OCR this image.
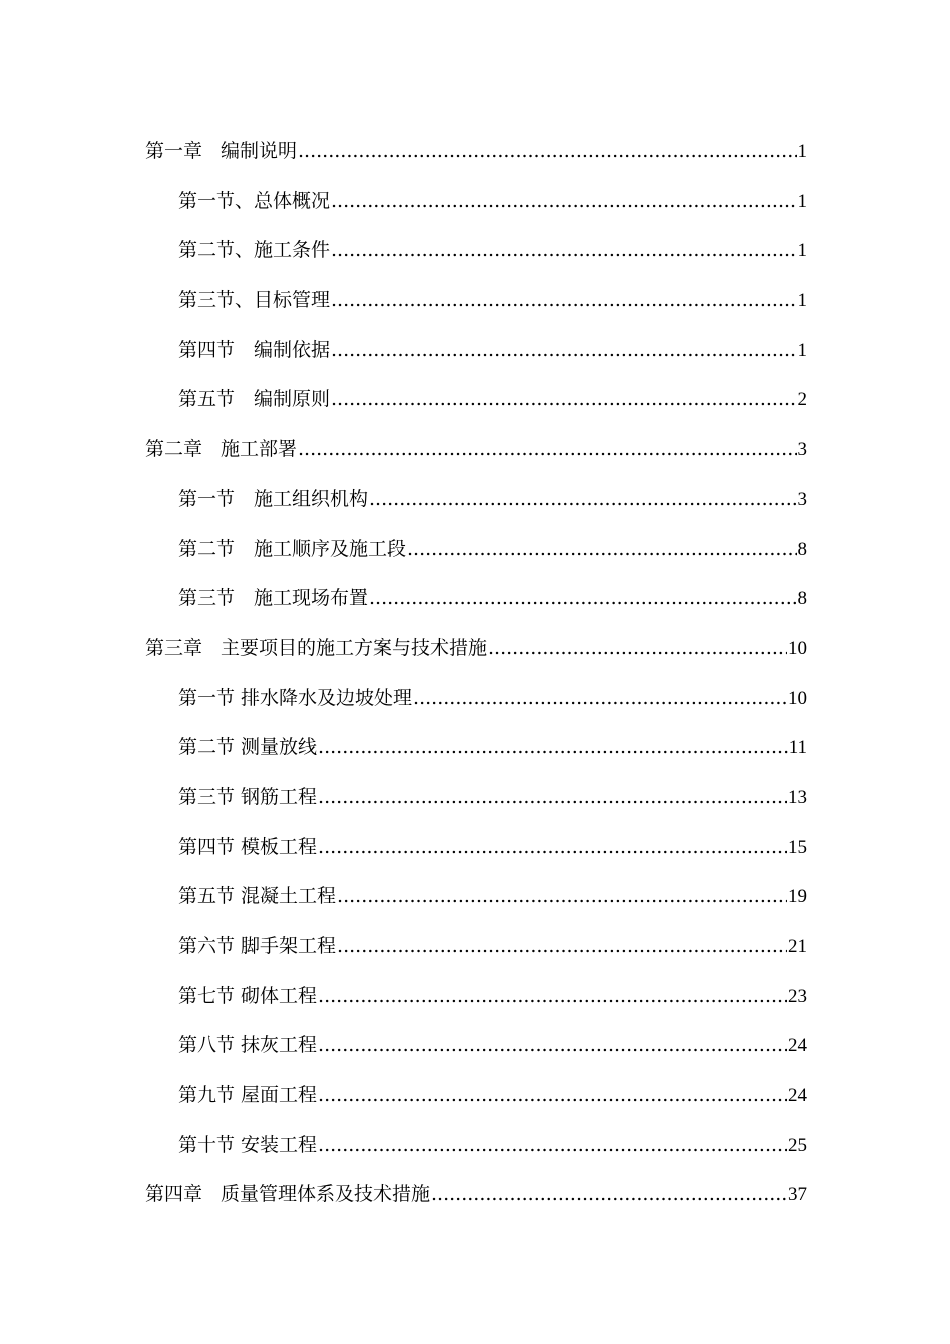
第一章　编制说明 .....	1
第一节、总体概况 .....	1
第二节、施工条件 .....	1
第三节、目标管理 .....	1
第四节　编制依据 .....	1
第五节　编制原则 .....	2
第二章　施工部署 .....	3
第一节　施工组织机构 .....	3
第二节　施工顺序及施工段 .....	8
第三节　施工现场布置 .....	8
第三章　主要项目的施工方案与技术措施 .....	10
第一节 排水降水及边坡处理 .....	10
第二节 测量放线 .....	11
第三节 钢筋工程 .....	13
第四节 模板工程 .....	15
第五节 混凝土工程 .....	19
第六节 脚手架工程 .....	21
第七节 砌体工程 .....	23
第八节 抹灰工程 .....	24
第九节 屋面工程 .....	24
第十节 安装工程 .....	25
第四章　质量管理体系及技术措施 .....	37
